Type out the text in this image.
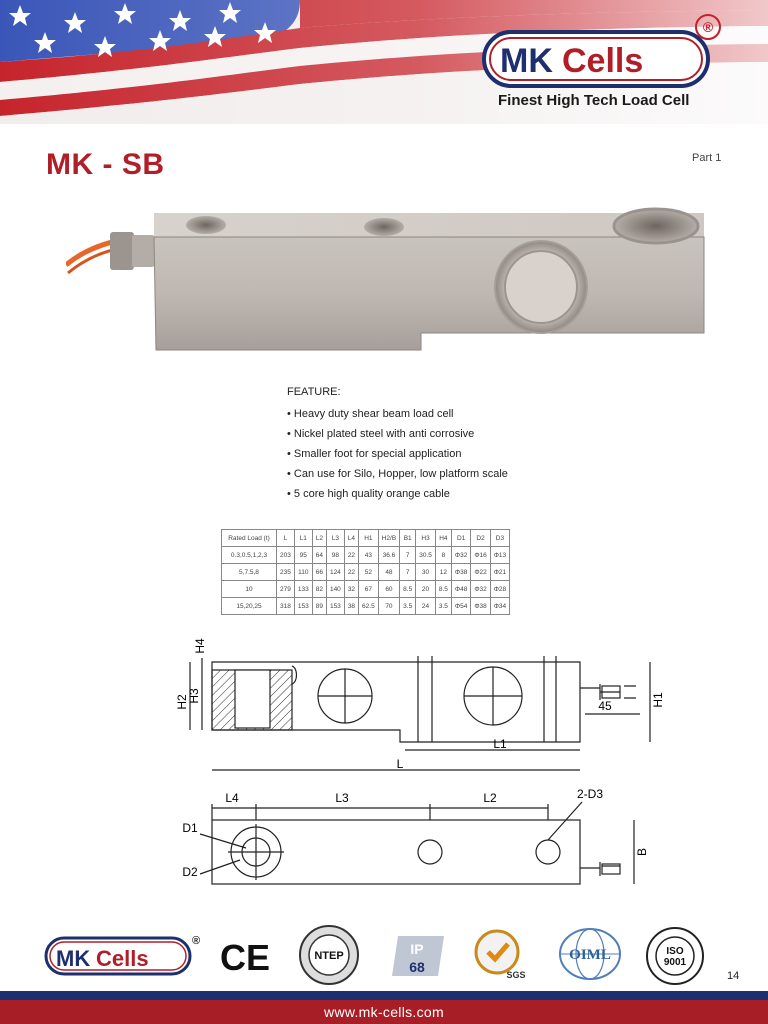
MK Cells
®
Finest High Tech Load Cell
MK - SB	Part 1
FEATURE:
• Heavy duty shear beam load cell
• Nickel plated steel with anti corrosive
• Smaller foot for special application
• Can use for Silo, Hopper, low platform scale
• 5 core high quality orange cable
Rated Load (t)	L	L1	L2	L3	L4	H1	H2/B	B1	H3	H4	D1	D2	D3
0.3,0.5,1,2,3	203	95	64	98	22	43	36.6	7	30.5	8	Φ32	Φ16	Φ13
5,7.5,8	235	110	66	124	22	52	48	7	30	12	Φ38	Φ22	Φ21
10	279	133	82	140	32	67	60	8.5	20	8.5	Φ48	Φ32	Φ28
15,20,25	318	153	89	153	38	62.5	70	3.5	24	3.5	Φ54	Φ38	Φ34
H2
H3
H4
H1
45
L1
L
L4	L3	L2	2-D3
D1
D2
B
MK Cells
® CE	NTEP	IP
68	SGS
OIML	ISO
9001
14
www.mk-cells.com
